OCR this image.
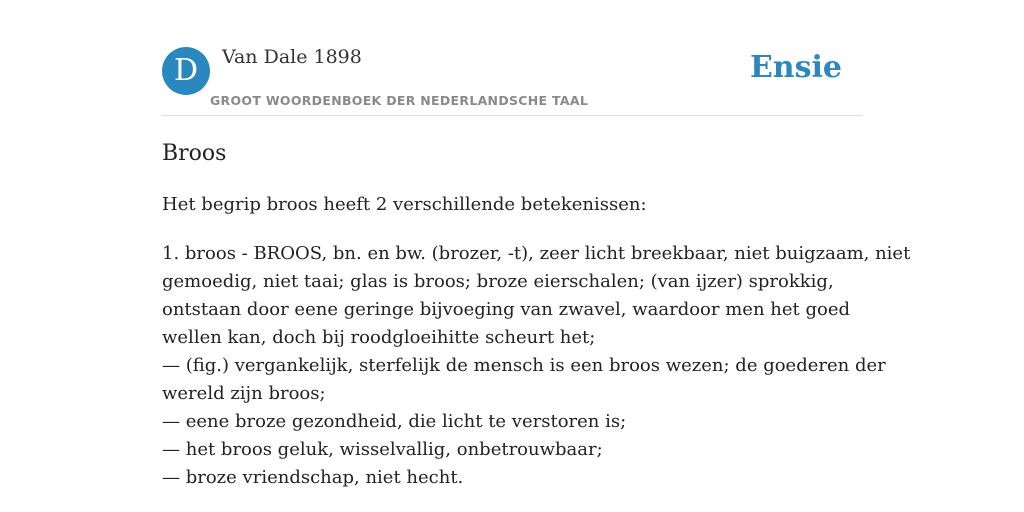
D	Van Dale 1898
GROOT WOORDENBOEK DER NEDERLANDSCHE TAAL
Ensie
Broos

Het begrip broos heeft 2 verschillende betekenissen:

1. broos - BROOS, bn. en bw. (brozer, -t), zeer licht breekbaar, niet buigzaam, niet
gemoedig, niet taai; glas is broos; broze eierschalen; (van ijzer) sprokkig,
ontstaan door eene geringe bijvoeging van zwavel, waardoor men het goed
wellen kan, doch bij roodgloeihitte scheurt het;
— (fig.) vergankelijk, sterfelijk de mensch is een broos wezen; de goederen der
wereld zijn broos;
— eene broze gezondheid, die licht te verstoren is;
— het broos geluk, wisselvallig, onbetrouwbaar;
— broze vriendschap, niet hecht.
